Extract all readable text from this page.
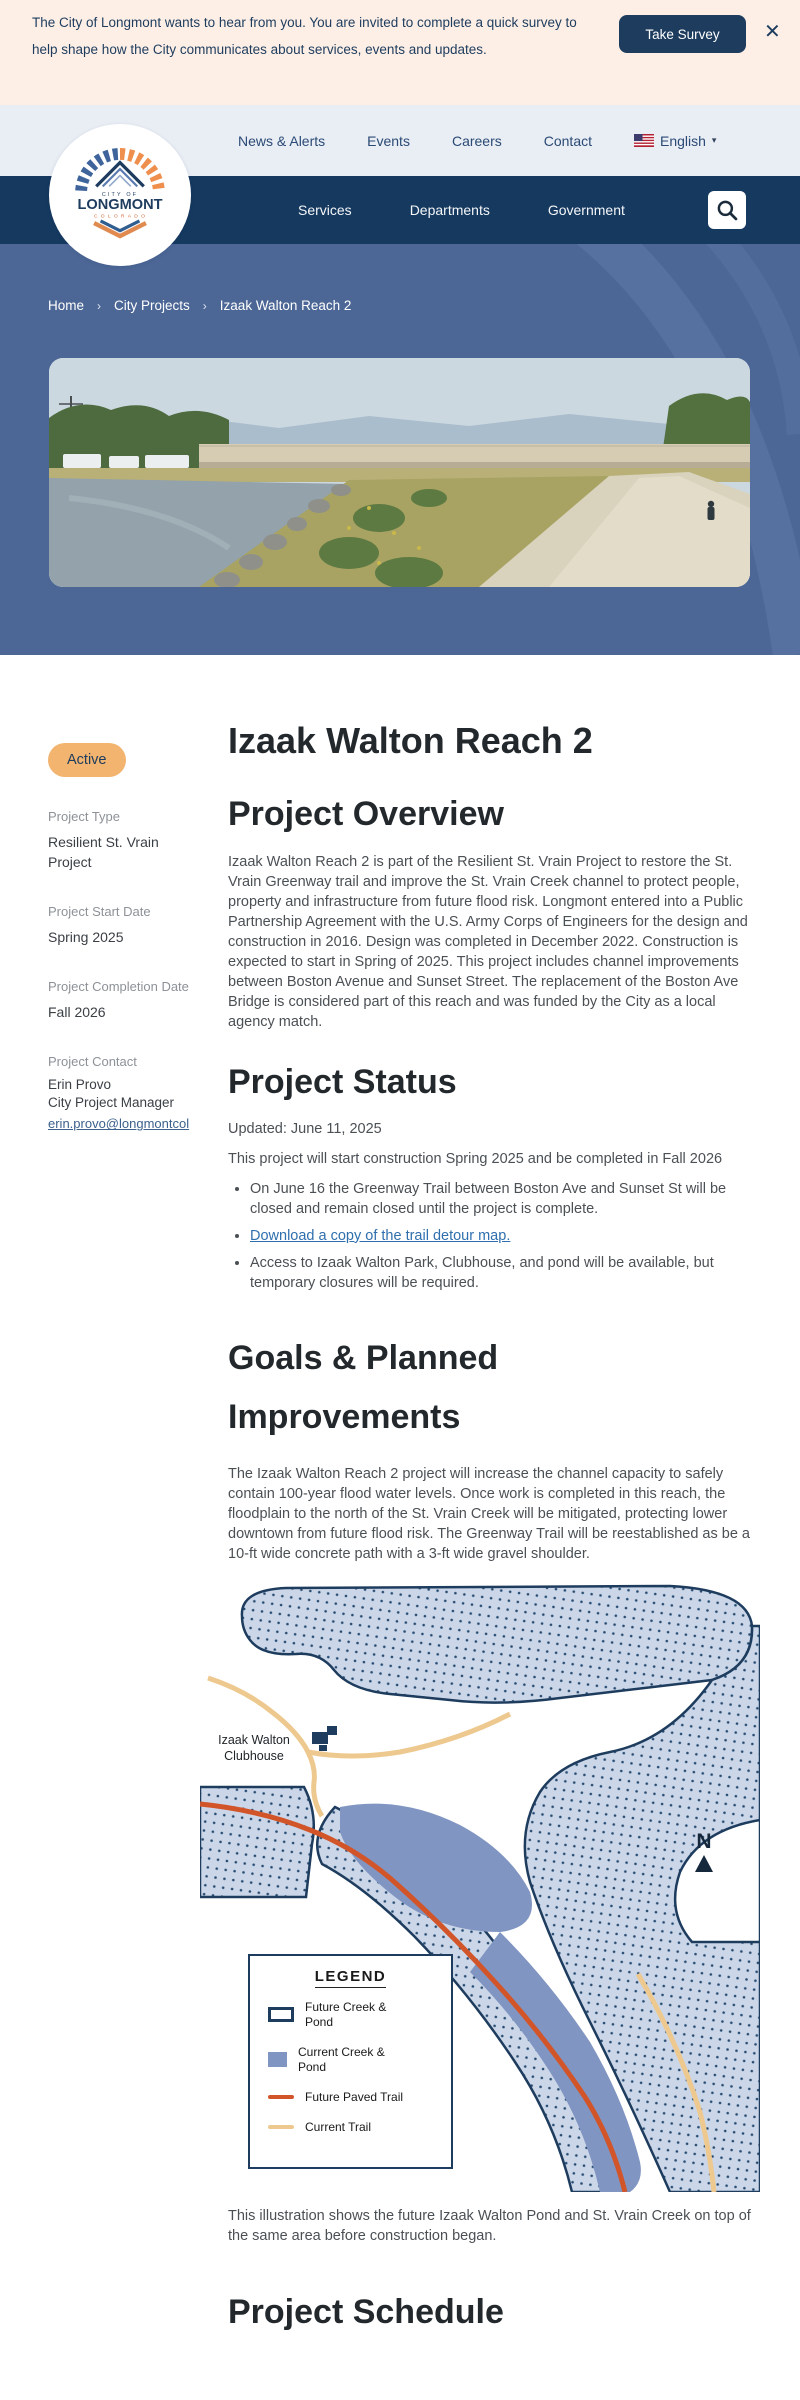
The City of Longmont wants to hear from you. You are invited to complete a quick survey to help shape how the City communicates about services, events and updates.
Take Survey	✕
News & Alerts	Events	Careers	Contact	English ▾
Services	Departments	Government
CITY OF
LONGMONT
COLORADO
Home › City Projects › Izaak Walton Reach 2
Active
Project Type
Resilient St. Vrain Project
Project Start Date
Spring 2025
Project Completion Date
Fall 2026
Project Contact
Erin Provo
City Project Manager
erin.provo@longmontcol
Izaak Walton Reach 2
Project Overview

Izaak Walton Reach 2 is part of the Resilient St. Vrain Project to restore the St. Vrain Greenway trail and improve the St. Vrain Creek channel to protect people, property and infrastructure from future flood risk. Longmont entered into a Public Partnership Agreement with the U.S. Army Corps of Engineers for the design and construction in 2016. Design was completed in December 2022. Construction is expected to start in Spring of 2025. This project includes channel improvements between Boston Avenue and Sunset Street. The replacement of the Boston Ave Bridge is considered part of this reach and was funded by the City as a local agency match.

Project Status

Updated: June 11, 2025

This project will start construction Spring 2025 and be completed in Fall 2026

• On June 16 the Greenway Trail between Boston Ave and Sunset St will be closed and remain closed until the project is complete.
• Download a copy of the trail detour map.
• Access to Izaak Walton Park, Clubhouse, and pond will be available, but temporary closures will be required.
Goals & Planned Improvements

The Izaak Walton Reach 2 project will increase the channel capacity to safely contain 100-year flood water levels. Once work is completed in this reach, the floodplain to the north of the St. Vrain Creek will be mitigated, protecting lower downtown from future flood risk. The Greenway Trail will be reestablished as be a 10-ft wide concrete path with a 3-ft wide gravel shoulder.

Izaak Walton
Clubhouse
N
LEGEND
Future Creek & Pond
Current Creek & Pond
Future Paved Trail
Current Trail

This illustration shows the future Izaak Walton Pond and St. Vrain Creek on top of the same area before construction began.

Project Schedule
